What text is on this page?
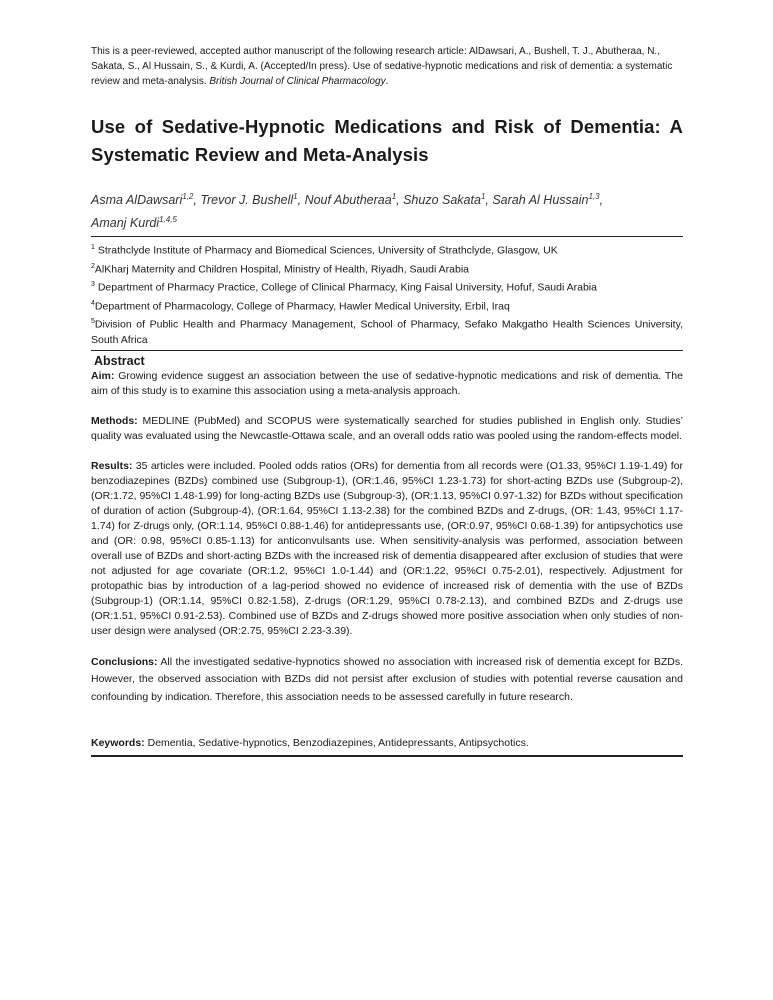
This is a peer-reviewed, accepted author manuscript of the following research article: AlDawsari, A., Bushell, T. J., Abutheraa, N., Sakata, S., Al Hussain, S., & Kurdi, A. (Accepted/In press). Use of sedative-hypnotic medications and risk of dementia: a systematic review and meta-analysis. British Journal of Clinical Pharmacology.

Use of Sedative-Hypnotic Medications and Risk of Dementia: A Systematic Review and Meta-Analysis

Asma AlDawsari$^{1,2}$, Trevor J. Bushell$^1$, Nouf Abutheraa$^1$, Shuzo Sakata$^1$, Sarah Al Hussain$^{1,3}$,
Amanj Kurdi$^{1,4,5}$

$^1$ Strathclyde Institute of Pharmacy and Biomedical Sciences, University of Strathclyde, Glasgow, UK

$^2$AlKharj Maternity and Children Hospital, Ministry of Health, Riyadh, Saudi Arabia

$^3$ Department of Pharmacy Practice, College of Clinical Pharmacy, King Faisal University, Hofuf, Saudi Arabia

$^4$Department of Pharmacology, College of Pharmacy, Hawler Medical University, Erbil, Iraq

$^5$Division of Public Health and Pharmacy Management, School of Pharmacy, Sefako Makgatho Health Sciences University, South Africa

Abstract

Aim: Growing evidence suggest an association between the use of sedative-hypnotic medications and risk of dementia. The aim of this study is to examine this association using a meta-analysis approach.

Methods: MEDLINE (PubMed) and SCOPUS were systematically searched for studies published in English only. Studies’ quality was evaluated using the Newcastle-Ottawa scale, and an overall odds ratio was pooled using the random-effects model.

Results: 35 articles were included. Pooled odds ratios (ORs) for dementia from all records were (O1.33, 95%CI 1.19-1.49) for benzodiazepines (BZDs) combined use (Subgroup-1), (OR:1.46, 95%CI 1.23-1.73) for short-acting BZDs use (Subgroup-2), (OR:1.72, 95%CI 1.48-1.99) for long-acting BZDs use (Subgroup-3), (OR:1.13, 95%CI 0.97-1.32) for BZDs without specification of duration of action (Subgroup-4), (OR:1.64, 95%CI 1.13-2.38) for the combined BZDs and Z-drugs, (OR: 1.43, 95%CI 1.17-1.74) for Z-drugs only, (OR:1.14, 95%CI 0.88-1.46) for antidepressants use, (OR:0.97, 95%CI 0.68-1.39) for antipsychotics use and (OR: 0.98, 95%CI 0.85-1.13) for anticonvulsants use. When sensitivity-analysis was performed, association between overall use of BZDs and short-acting BZDs with the increased risk of dementia disappeared after exclusion of studies that were not adjusted for age covariate (OR:1.2, 95%CI 1.0-1.44) and (OR:1.22, 95%CI 0.75-2.01), respectively. Adjustment for protopathic bias by introduction of a lag-period showed no evidence of increased risk of dementia with the use of BZDs (Subgroup-1) (OR:1.14, 95%CI 0.82-1.58), Z-drugs (OR:1.29, 95%CI 0.78-2.13), and combined BZDs and Z-drugs use (OR:1.51, 95%CI 0.91-2.53). Combined use of BZDs and Z-drugs showed more positive association when only studies of non-user design were analysed (OR:2.75, 95%CI 2.23-3.39).

Conclusions: All the investigated sedative-hypnotics showed no association with increased risk of dementia except for BZDs. However, the observed association with BZDs did not persist after exclusion of studies with potential reverse causation and confounding by indication. Therefore, this association needs to be assessed carefully in future research.

Keywords: Dementia, Sedative-hypnotics, Benzodiazepines, Antidepressants, Antipsychotics.
